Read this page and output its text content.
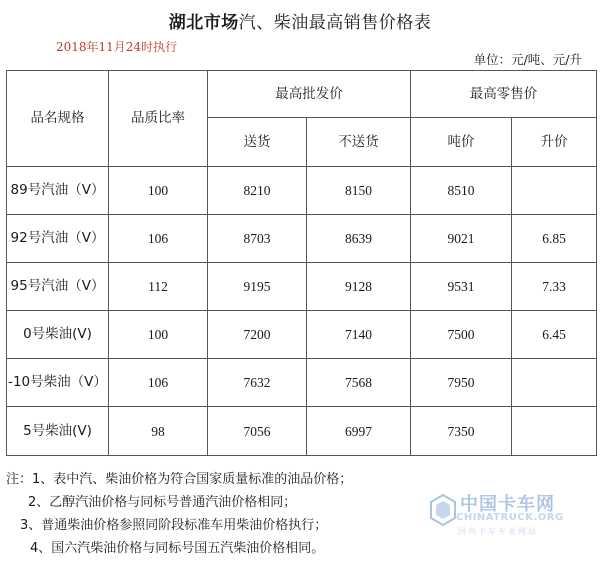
湖北市场汽、柴油最高销售价格表
2018年11月24时执行
单位：元/吨、元/升
品名规格	品质比率	最高批发价		最高零售价	
		送货	不送货	吨价	升价
89号汽油（V）	100	8210	8150	8510	
92号汽油（V）	106	8703	8639	9021	6.85
95号汽油（V）	112	9195	9128	9531	7.33
0号柴油(V)	100	7200	7140	7500	6.45
-10号柴油（V）	106	7632	7568	7950	
5号柴油(V)	98	7056	6997	7350	
注：1、表中汽、柴油价格为符合国家质量标准的油品价格；
2、乙醇汽油价格与同标号普通汽油价格相同；
3、普通柴油价格参照同阶段标准车用柴油价格执行；
4、国六汽柴油价格与同标号国五汽柴油价格相同。
中国卡车网
CHINATRUCK.ORG
国内卡车专业网站
